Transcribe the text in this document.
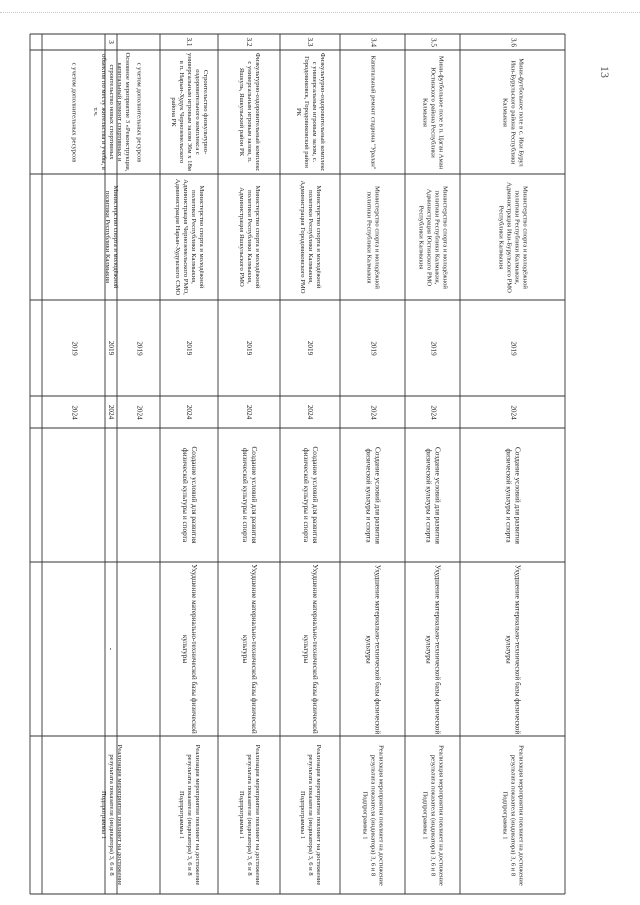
13
с учетом дополнительных ресурсов
2019
2024
3
Основное мероприятие 3 «Реконструкция, капитальный ремонт спортивных и строительство новых спортивных объектов по месту жительства и учебы, в т.ч.
Министерство спорта и молодёжной политики Республики Калмыкия
2019
2024
-
Реализация мероприятия повлияет на достижение результата показателя (индикатора) 3, 6 и 8 Подпрограммы 1
с учетом дополнительных ресурсов
2019
2024
3.1
Строительство физкультурно-оздоровительного комплекса с универсальным игровым залом 36м х 18м в п. Нарын-Худук Черноземельского района РК
Министерство спорта и молодёжной политики Республики Калмыкия, Администрация Черноземельского РМО, Администрация Нарын-Худукского СМО
2019
2024
Создание условий для развития физической культуры и спорта
Ухудшение материально-технической базы физической культуры
Реализация мероприятия повлияет на достижение результата показателя (индикатора) 3, 6 и 8 Подпрограммы 1
3.2
Физкультурно-оздоровительный комплекс с универсальным игровым залом, п. Яшкуль, Яшкульский район РК
Министерство спорта и молодёжной политики Республики Калмыкия, Администрация Яшкульского РМО
2019
2024
Создание условий для развития физической культуры и спорта
Ухудшение материально-технической базы физической культуры
Реализация мероприятия повлияет на достижение результата показателя (индикатора) 3, 6 и 8 Подпрограммы 1
3.3
Физкультурно-оздоровительный комплекс с универсальным игровым залом, с. Городовиковск, Городовиковский район РК
Министерство спорта и молодёжной политики Республики Калмыкия, Администрация Городовиковского РМО
2019
2024
Создание условий для развития физической культуры и спорта
Ухудшение материально-технической базы физической культуры
Реализация мероприятия повлияет на достижение результата показателя (индикатора) 3, 6 и 8 Подпрограммы 1
3.4
Капитальный ремонт стадиона "Уралан"
Министерство спорта и молодёжной политики Республики Калмыкия
2019
2024
Создание условий для развития физической культуры и спорта
Ухудшение материально-технической базы физической культуры
Реализация мероприятия повлияет на достижение результата показателя (индикатора) 3, 6 и 8 Подпрограммы 1
3.5
Мини-футбольное поле в п. Цаган Аман Юстинского района Республики Калмыкия
Министерство спорта и молодёжной политики Республики Калмыкия, Администрация Юстинского РМО Республики Калмыкия
2019
2024
Создание условий для развития физической культуры и спорта
Ухудшение материально-технической базы физической культуры
Реализация мероприятия повлияет на достижение результата показателя (индикатора) 3, 6 и 8 Подпрограммы 1
3.6
Мини-футбольное поле в с. Ики Бурул Ики-Бурульского района Республики Калмыкия
Министерство спорта и молодёжной политики Республики Калмыкия, Администрация Ики-Бурульского РМО Республики Калмыкия
2019
2024
Создание условий для развития физической культуры и спорта
Ухудшение материально-технической базы физической культуры
Реализация мероприятия повлияет на достижение результата показателя (индикатора) 3, 6 и 8 Подпрограммы 1
